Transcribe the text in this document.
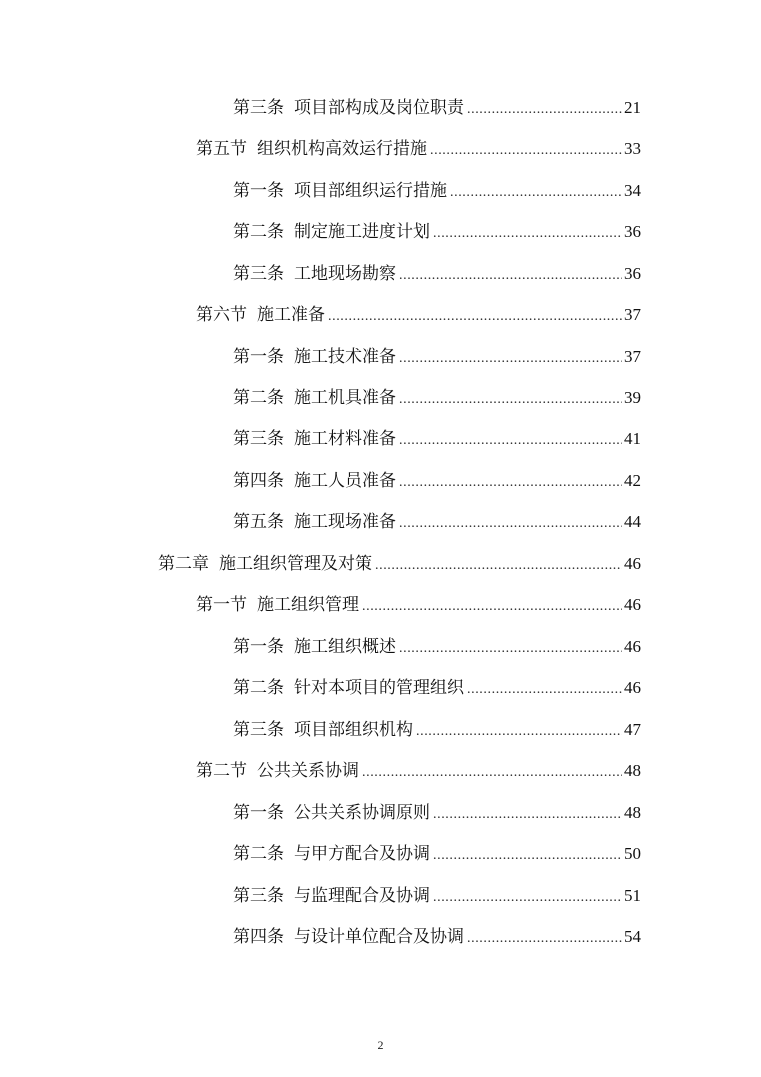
第三条 项目部构成及岗位职责 .....	21
第五节 组织机构高效运行措施 .....	33
第一条 项目部组织运行措施 .....	34
第二条 制定施工进度计划 .....	36
第三条 工地现场勘察 .....	36
第六节 施工准备 .....	37
第一条 施工技术准备 .....	37
第二条 施工机具准备 .....	39
第三条 施工材料准备 .....	41
第四条 施工人员准备 .....	42
第五条 施工现场准备 .....	44
第二章 施工组织管理及对策 .....	46
第一节 施工组织管理 .....	46
第一条 施工组织概述 .....	46
第二条 针对本项目的管理组织 .....	46
第三条 项目部组织机构 .....	47
第二节 公共关系协调 .....	48
第一条 公共关系协调原则 .....	48
第二条 与甲方配合及协调 .....	50
第三条 与监理配合及协调 .....	51
第四条 与设计单位配合及协调 .....	54
2
